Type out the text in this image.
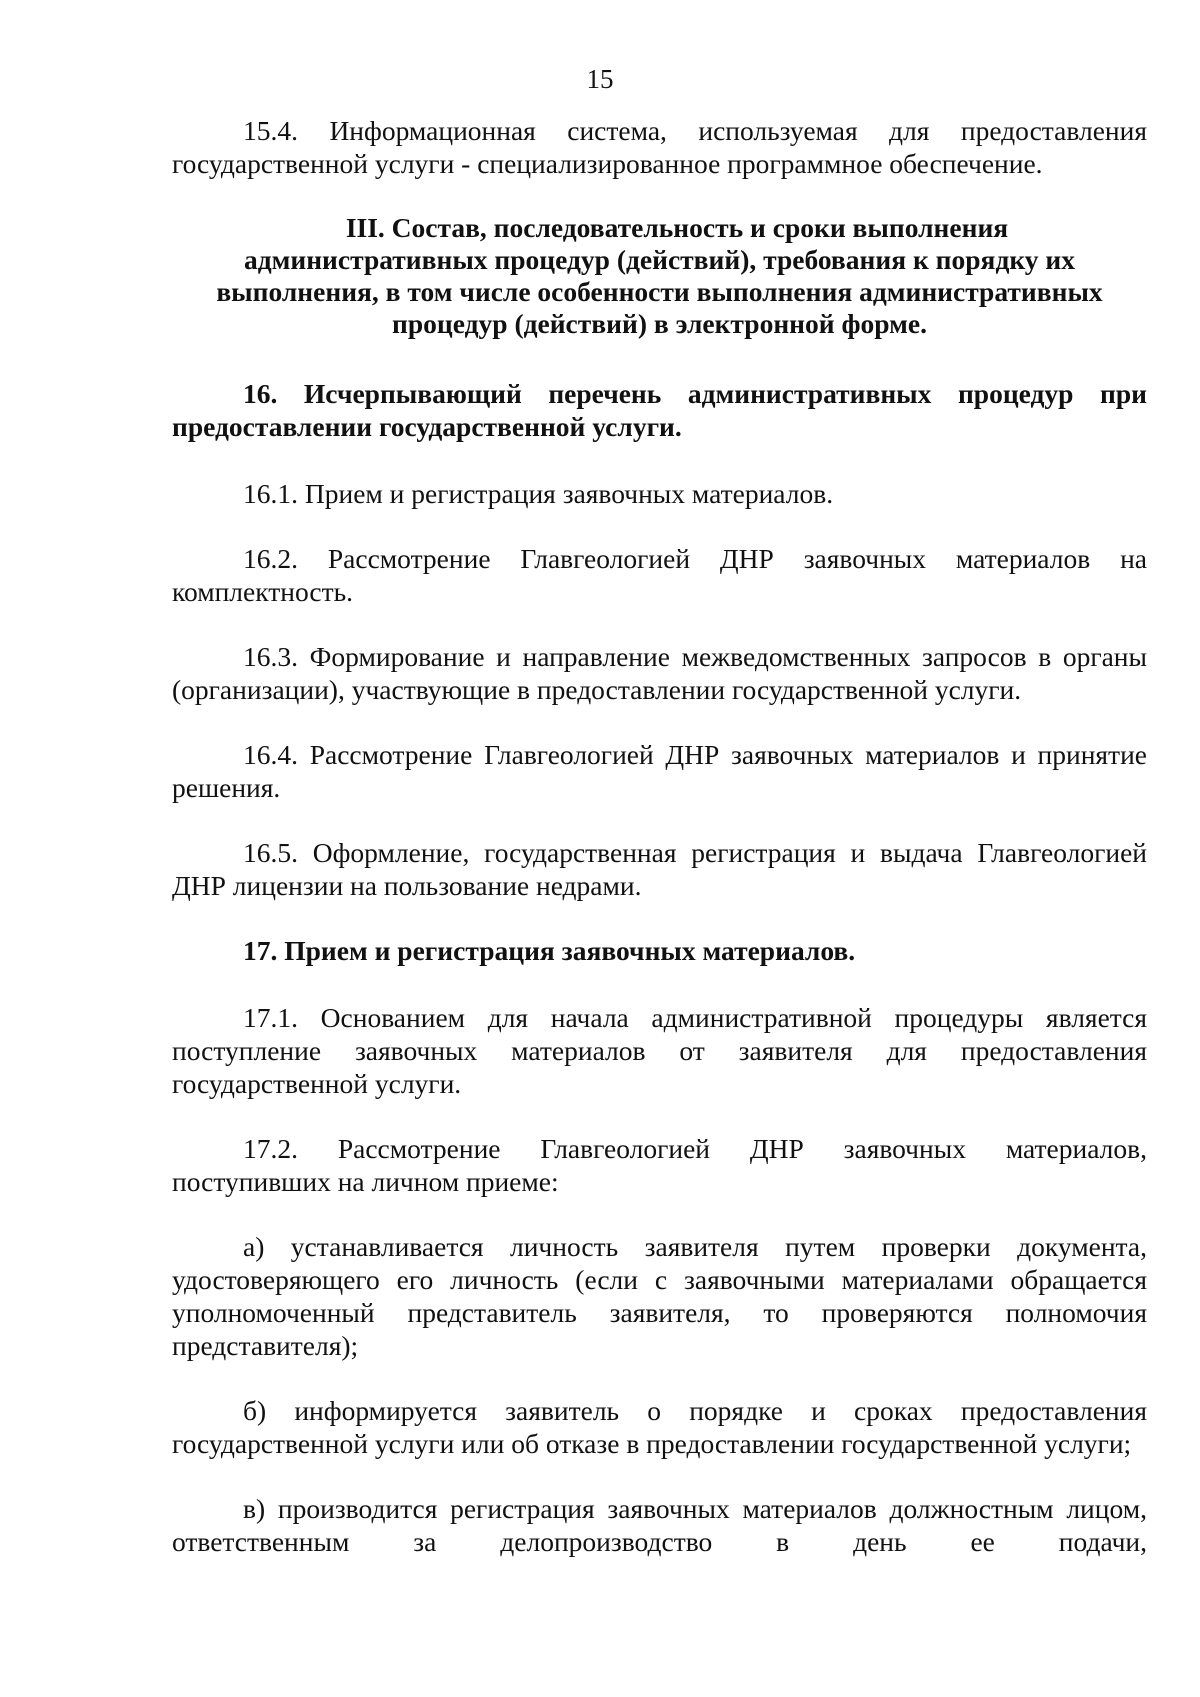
15

15.4. Информационная система, используемая для предоставления государственной услуги - специализированное программное обеспечение.

III. Состав, последовательность и сроки выполнения
административных процедур (действий), требования к порядку их
выполнения, в том числе особенности выполнения административных
процедур (действий) в электронной форме.

16. Исчерпывающий перечень административных процедур при предоставлении государственной услуги.

16.1. Прием и регистрация заявочных материалов.

16.2. Рассмотрение Главгеологией ДНР заявочных материалов на комплектность.

16.3. Формирование и направление межведомственных запросов в органы (организации), участвующие в предоставлении государственной услуги.

16.4. Рассмотрение Главгеологией ДНР заявочных материалов и принятие решения.

16.5. Оформление, государственная регистрация и выдача Главгеологией ДНР лицензии на пользование недрами.

17. Прием и регистрация заявочных материалов.

17.1. Основанием для начала административной процедуры является поступление заявочных материалов от заявителя для предоставления государственной услуги.

17.2. Рассмотрение Главгеологией ДНР заявочных материалов, поступивших на личном приеме:

а) устанавливается личность заявителя путем проверки документа, удостоверяющего его личность (если с заявочными материалами обращается уполномоченный представитель заявителя, то проверяются полномочия представителя);

б) информируется заявитель о порядке и сроках предоставления государственной услуги или об отказе в предоставлении государственной услуги;

в) производится регистрация заявочных материалов должностным лицом, ответственным за делопроизводство в день ее подачи,
